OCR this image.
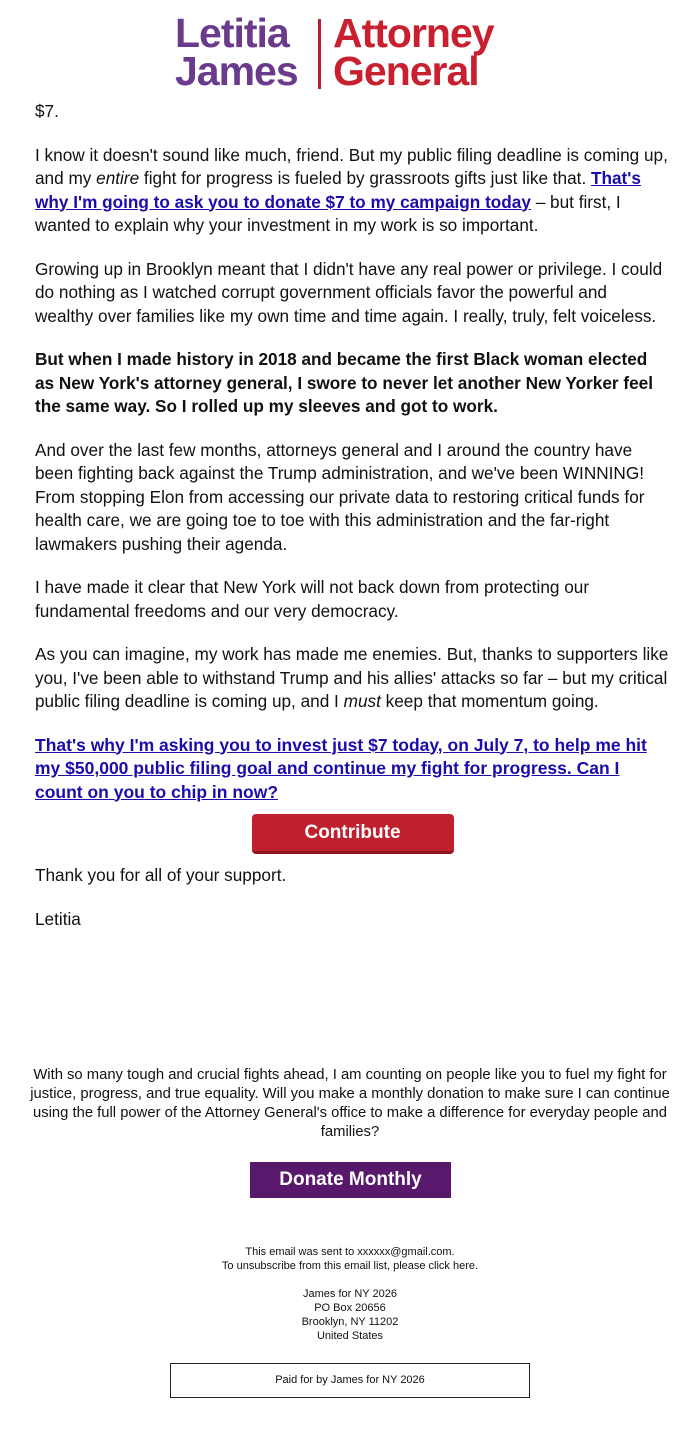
Letitia
James
Attorney
General

$7.

I know it doesn't sound like much, friend. But my public filing deadline is coming up, and my entire fight for progress is fueled by grassroots gifts just like that. That's why I'm going to ask you to donate $7 to my campaign today – but first, I wanted to explain why your investment in my work is so important.

Growing up in Brooklyn meant that I didn't have any real power or privilege. I could do nothing as I watched corrupt government officials favor the powerful and wealthy over families like my own time and time again. I really, truly, felt voiceless.

But when I made history in 2018 and became the first Black woman elected as New York's attorney general, I swore to never let another New Yorker feel the same way. So I rolled up my sleeves and got to work.

And over the last few months, attorneys general and I around the country have been fighting back against the Trump administration, and we've been WINNING! From stopping Elon from accessing our private data to restoring critical funds for health care, we are going toe to toe with this administration and the far-right lawmakers pushing their agenda.

I have made it clear that New York will not back down from protecting our fundamental freedoms and our very democracy.

As you can imagine, my work has made me enemies. But, thanks to supporters like you, I've been able to withstand Trump and his allies' attacks so far – but my critical public filing deadline is coming up, and I must keep that momentum going.

That's why I'm asking you to invest just $7 today, on July 7, to help me hit my $50,000 public filing goal and continue my fight for progress. Can I count on you to chip in now?

Contribute

Thank you for all of your support.

Letitia

With so many tough and crucial fights ahead, I am counting on people like you to fuel my fight for justice, progress, and true equality. Will you make a monthly donation to make sure I can continue using the full power of the Attorney General's office to make a difference for everyday people and families?
Donate Monthly
This email was sent to xxxxxx@gmail.com.
To unsubscribe from this email list, please click here.
James for NY 2026
PO Box 20656
Brooklyn, NY 11202
United States
Paid for by James for NY 2026
